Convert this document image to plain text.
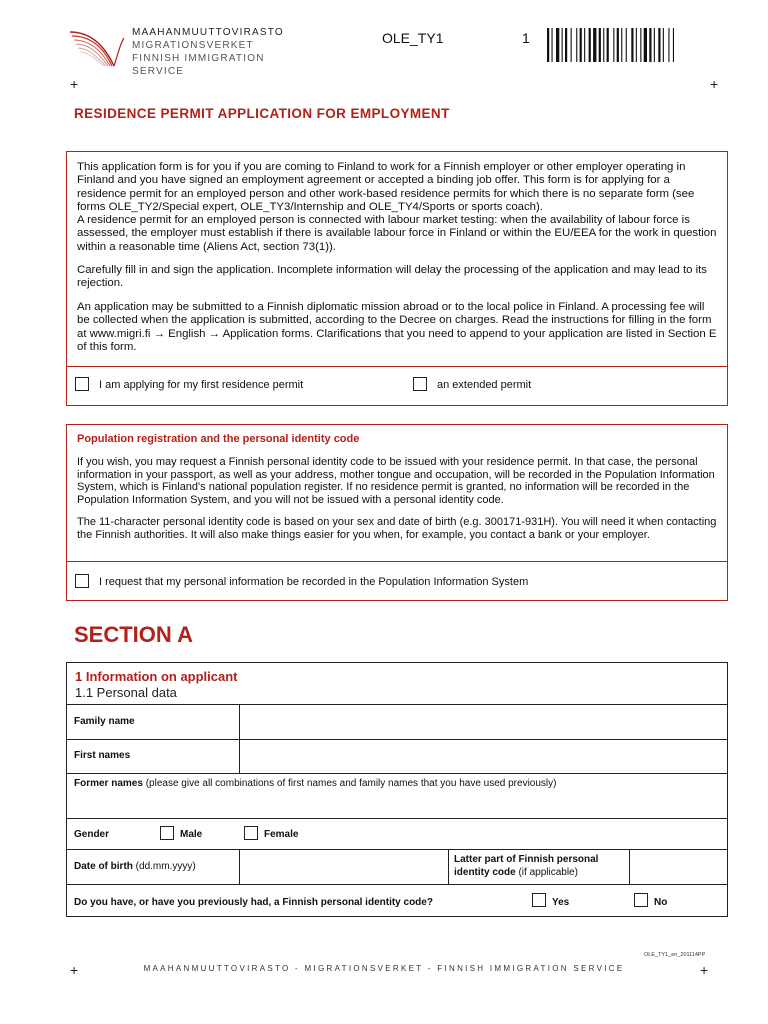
MAAHANMUUTTOVIRASTO
MIGRATIONSVERKET
FINNISH IMMIGRATION SERVICE
OLE_TY1	1
+	+
RESIDENCE PERMIT APPLICATION FOR EMPLOYMENT

This application form is for you if you are coming to Finland to work for a Finnish employer or other employer operating in Finland and you have signed an employment agreement or accepted a binding job offer. This form is for applying for a residence permit for an employed person and other work-based residence permits for which there is no separate form (see forms OLE_TY2/Special expert, OLE_TY3/Internship and OLE_TY4/Sports or sports coach).

A residence permit for an employed person is connected with labour market testing: when the availability of labour force is assessed, the employer must establish if there is available labour force in Finland or within the EU/EEA for the work in question within a reasonable time (Aliens Act, section 73(1)).

Carefully fill in and sign the application. Incomplete information will delay the processing of the application and may lead to its rejection.

An application may be submitted to a Finnish diplomatic mission abroad or to the local police in Finland. A processing fee will be collected when the application is submitted, according to the Decree on charges. Read the instructions for filling in the form at www.migri.fi → English → Application forms. Clarifications that you need to append to your application are listed in Section E of this form.

I am applying for my first residence permit	an extended permit
Population registration and the personal identity code

If you wish, you may request a Finnish personal identity code to be issued with your residence permit. In that case, the personal information in your passport, as well as your address, mother tongue and occupation, will be recorded in the Population Information System, which is Finland's national population register. If no residence permit is granted, no information will be recorded in the Population Information System, and you will not be issued with a personal identity code.

The 11-character personal identity code is based on your sex and date of birth (e.g. 300171-931H). You will need it when contacting the Finnish authorities. It will also make things easier for you when, for example, you contact a bank or your employer.

I request that my personal information be recorded in the Population Information System
SECTION A
1 Information on applicant
1.1 Personal data
Family name
First names
Former names (please give all combinations of first names and family names that you have used previously)
Gender	Male	Female
Date of birth (dd.mm.yyyy)
Latter part of Finnish personal
identity code (if applicable)
Do you have, or have you previously had, a Finnish personal identity code?	Yes	No
OLE_TY1_en_201114PP
+	MAAHANMUUTTOVIRASTO - MIGRATIONSVERKET - FINNISH IMMIGRATION SERVICE	+
